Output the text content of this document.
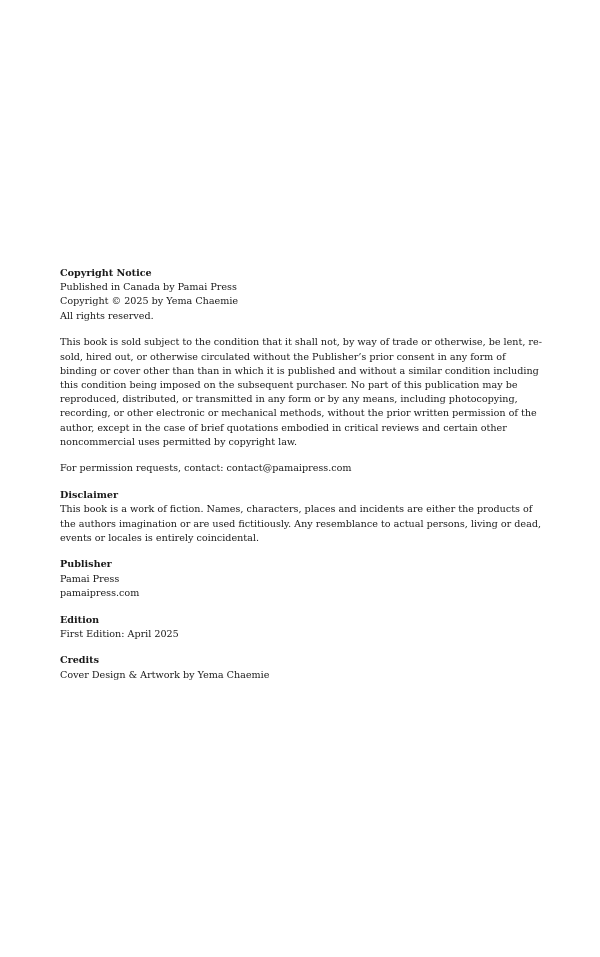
Copyright Notice
Published in Canada by Pamai Press
Copyright © 2025 by Yema Chaemie
All rights reserved.
This book is sold subject to the condition that it shall not, by way of trade or otherwise, be lent, re-sold, hired out, or otherwise circulated without the Publisher’s prior consent in any form of binding or cover other than than in which it is published and without a similar condition including this condition being imposed on the subsequent purchaser. No part of this publication may be reproduced, distributed, or transmitted in any form or by any means, including photocopying, recording, or other electronic or mechanical methods, without the prior written permission of the author, except in the case of brief quotations embodied in critical reviews and certain other noncommercial uses permitted by copyright law.
For permission requests, contact: contact@pamaipress.com
Disclaimer
This book is a work of fiction. Names, characters, places and incidents are either the products of the authors imagination or are used fictitiously. Any resemblance to actual persons, living or dead, events or locales is entirely coincidental.
Publisher
Pamai Press
pamaipress.com
Edition
First Edition: April 2025
Credits
Cover Design & Artwork by Yema Chaemie
